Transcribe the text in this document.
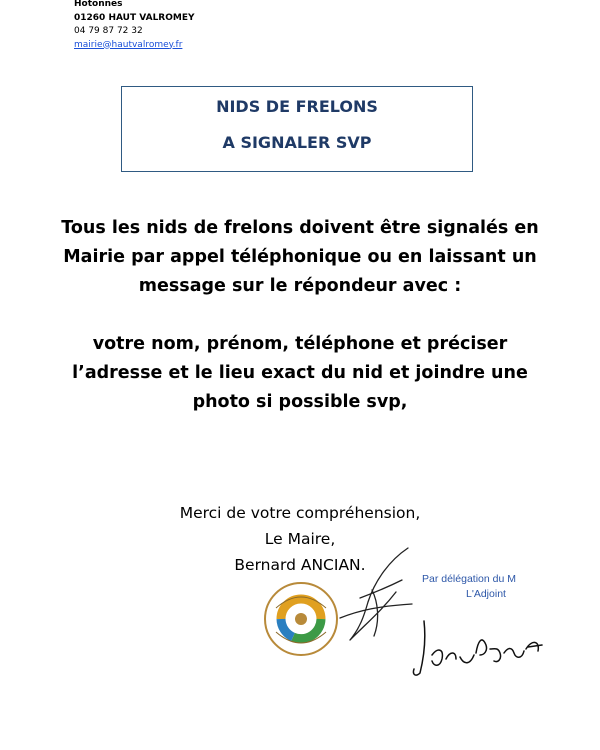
Hotonnes
01260 HAUT VALROMEY
04 79 87 72 32
mairie@hautvalromey.fr
NIDS DE FRELONS
A SIGNALER SVP
Tous les nids de frelons doivent être signalés en
Mairie par appel téléphonique ou en laissant un
message sur le répondeur avec :
votre nom, prénom, téléphone et préciser
l’adresse et le lieu exact du nid et joindre une
photo si possible svp,
Merci de votre compréhension,
Le Maire,
Bernard ANCIAN.
Par délégation du M
L'Adjoint
